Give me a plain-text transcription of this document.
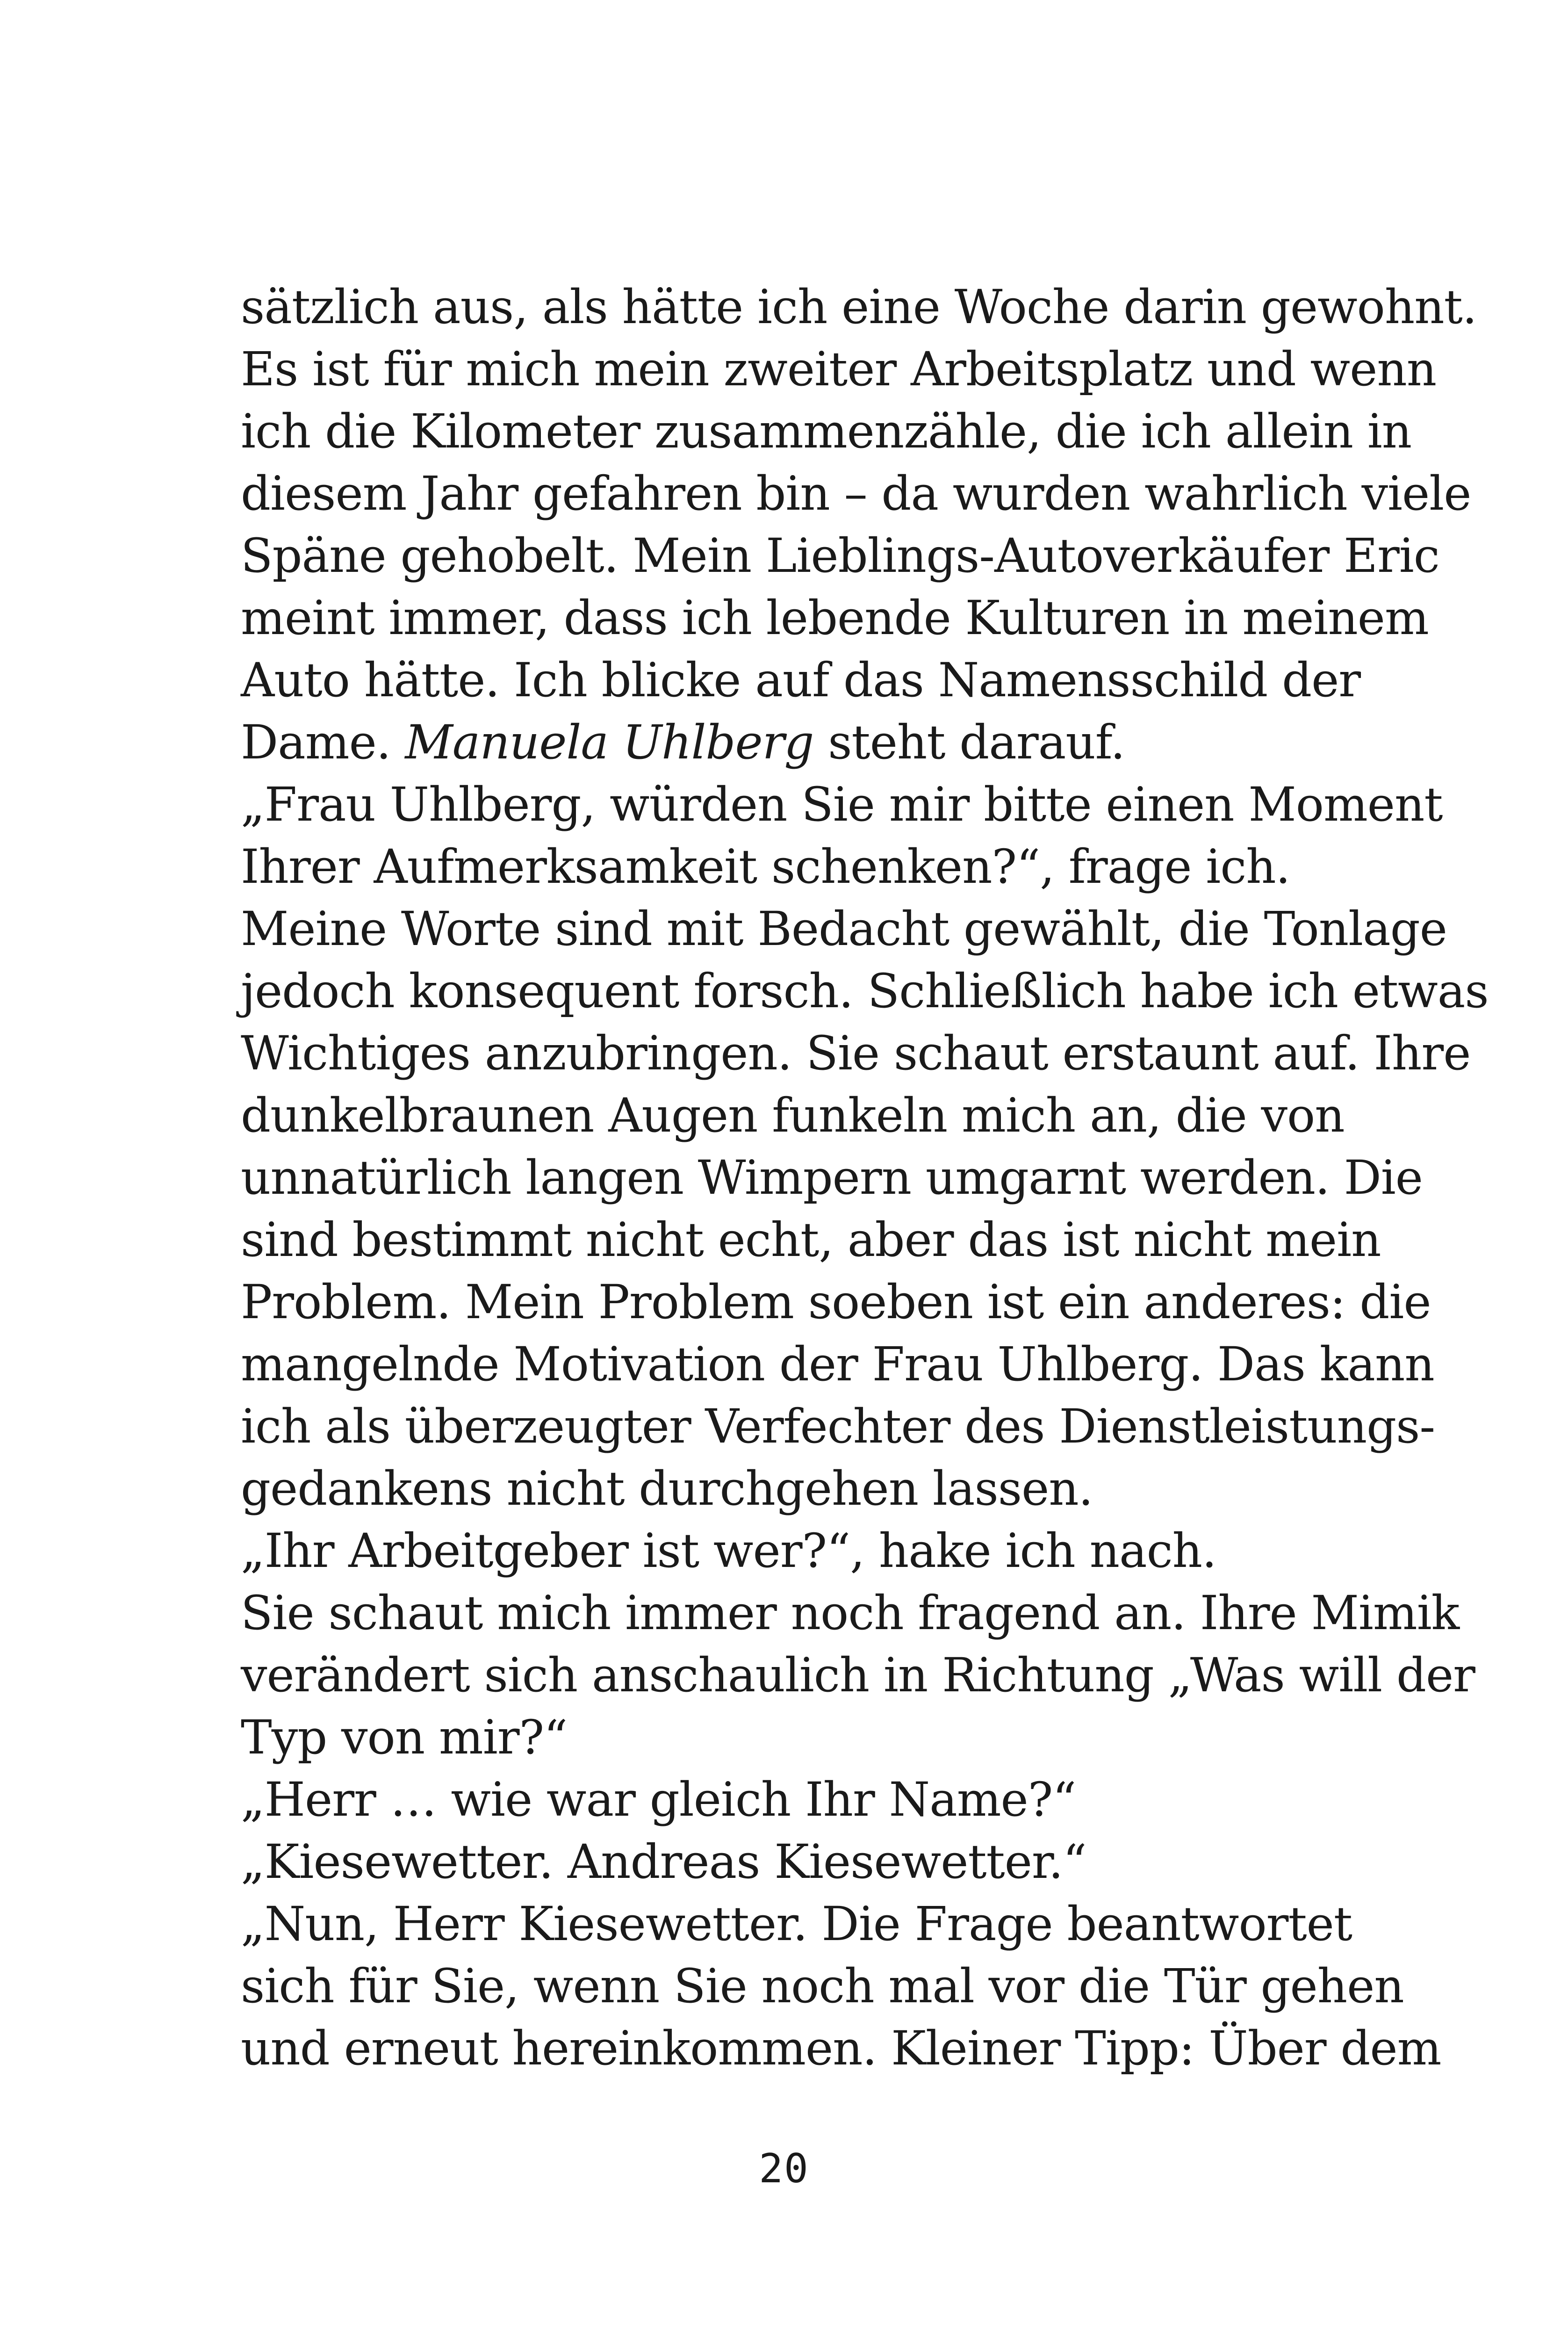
sätzlich aus, als hätte ich eine Woche darin gewohnt.
Es ist für mich mein zweiter Arbeitsplatz und wenn
ich die Kilometer zusammenzähle, die ich allein in
diesem Jahr gefahren bin – da wurden wahrlich viele
Späne gehobelt. Mein Lieblings-Autoverkäufer Eric
meint immer, dass ich lebende Kulturen in meinem
Auto hätte. Ich blicke auf das Namensschild der
Dame. Manuela Uhlberg steht darauf.
„Frau Uhlberg, würden Sie mir bitte einen Moment
Ihrer Aufmerksamkeit schenken?“, frage ich.
Meine Worte sind mit Bedacht gewählt, die Tonlage
jedoch konsequent forsch. Schließlich habe ich etwas
Wichtiges anzubringen. Sie schaut erstaunt auf. Ihre
dunkelbraunen Augen funkeln mich an, die von
unnatürlich langen Wimpern umgarnt werden. Die
sind bestimmt nicht echt, aber das ist nicht mein
Problem. Mein Problem soeben ist ein anderes: die
mangelnde Motivation der Frau Uhlberg. Das kann
ich als überzeugter Verfechter des Dienstleistungs-
gedankens nicht durchgehen lassen.
„Ihr Arbeitgeber ist wer?“, hake ich nach.
Sie schaut mich immer noch fragend an. Ihre Mimik
verändert sich anschaulich in Richtung „Was will der
Typ von mir?“
„Herr … wie war gleich Ihr Name?“
„Kiesewetter. Andreas Kiesewetter.“
„Nun, Herr Kiesewetter. Die Frage beantwortet
sich für Sie, wenn Sie noch mal vor die Tür gehen
und erneut hereinkommen. Kleiner Tipp: Über dem
20
